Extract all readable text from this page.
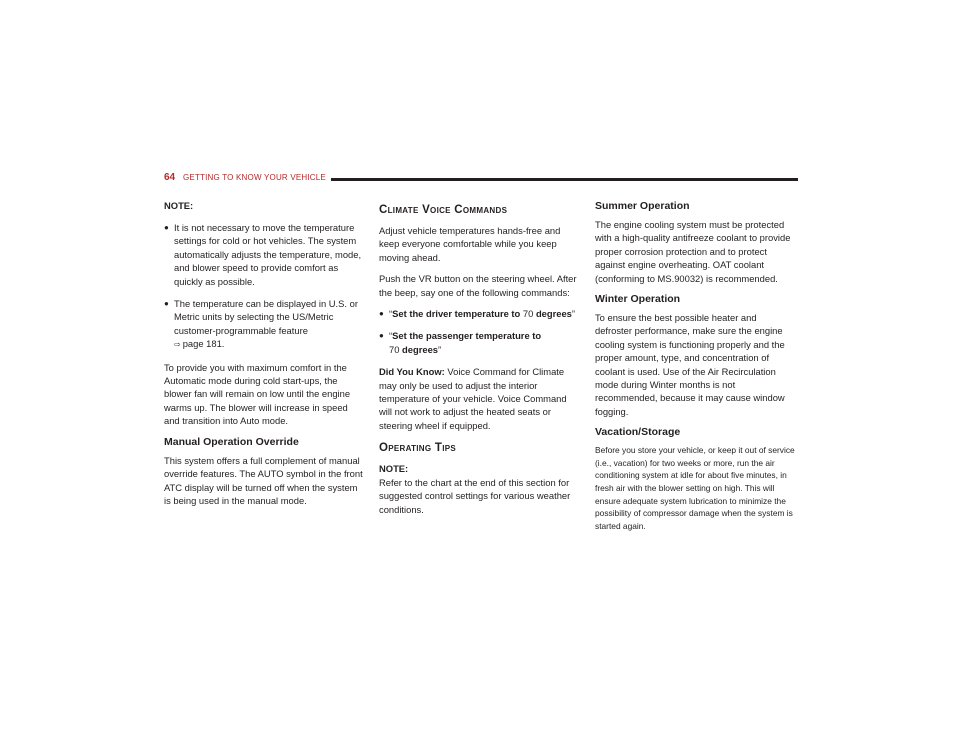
64 GETTING TO KNOW YOUR VEHICLE
NOTE:
● It is not necessary to move the temperature settings for cold or hot vehicles. The system automatically adjusts the temperature, mode, and blower speed to provide comfort as quickly as possible.
● The temperature can be displayed in U.S. or Metric units by selecting the US/Metric customer-programmable feature
⇨ page 181.

To provide you with maximum comfort in the Automatic mode during cold start-ups, the blower fan will remain on low until the engine warms up. The blower will increase in speed and transition into Auto mode.

Manual Operation Override

This system offers a full complement of manual override features. The AUTO symbol in the front ATC display will be turned off when the system is being used in the manual mode.

Climate Voice Commands

Adjust vehicle temperatures hands-free and keep everyone comfortable while you keep moving ahead.

Push the VR button on the steering wheel. After the beep, say one of the following commands:

● “Set the driver temperature to 70 degrees”
● “Set the passenger temperature to
70 degrees”

Did You Know: Voice Command for Climate may only be used to adjust the interior temperature of your vehicle. Voice Command will not work to adjust the heated seats or steering wheel if equipped.

Operating Tips

NOTE:
Refer to the chart at the end of this section for suggested control settings for various weather conditions.

Summer Operation

The engine cooling system must be protected with a high-quality antifreeze coolant to provide proper corrosion protection and to protect against engine overheating. OAT coolant (conforming to MS.90032) is recommended.

Winter Operation

To ensure the best possible heater and defroster performance, make sure the engine cooling system is functioning properly and the proper amount, type, and concentration of coolant is used. Use of the Air Recirculation mode during Winter months is not recommended, because it may cause window fogging.

Vacation/Storage

Before you store your vehicle, or keep it out of service (i.e., vacation) for two weeks or more, run the air conditioning system at idle for about five minutes, in fresh air with the blower setting on high. This will ensure adequate system lubrication to minimize the possibility of compressor damage when the system is started again.
